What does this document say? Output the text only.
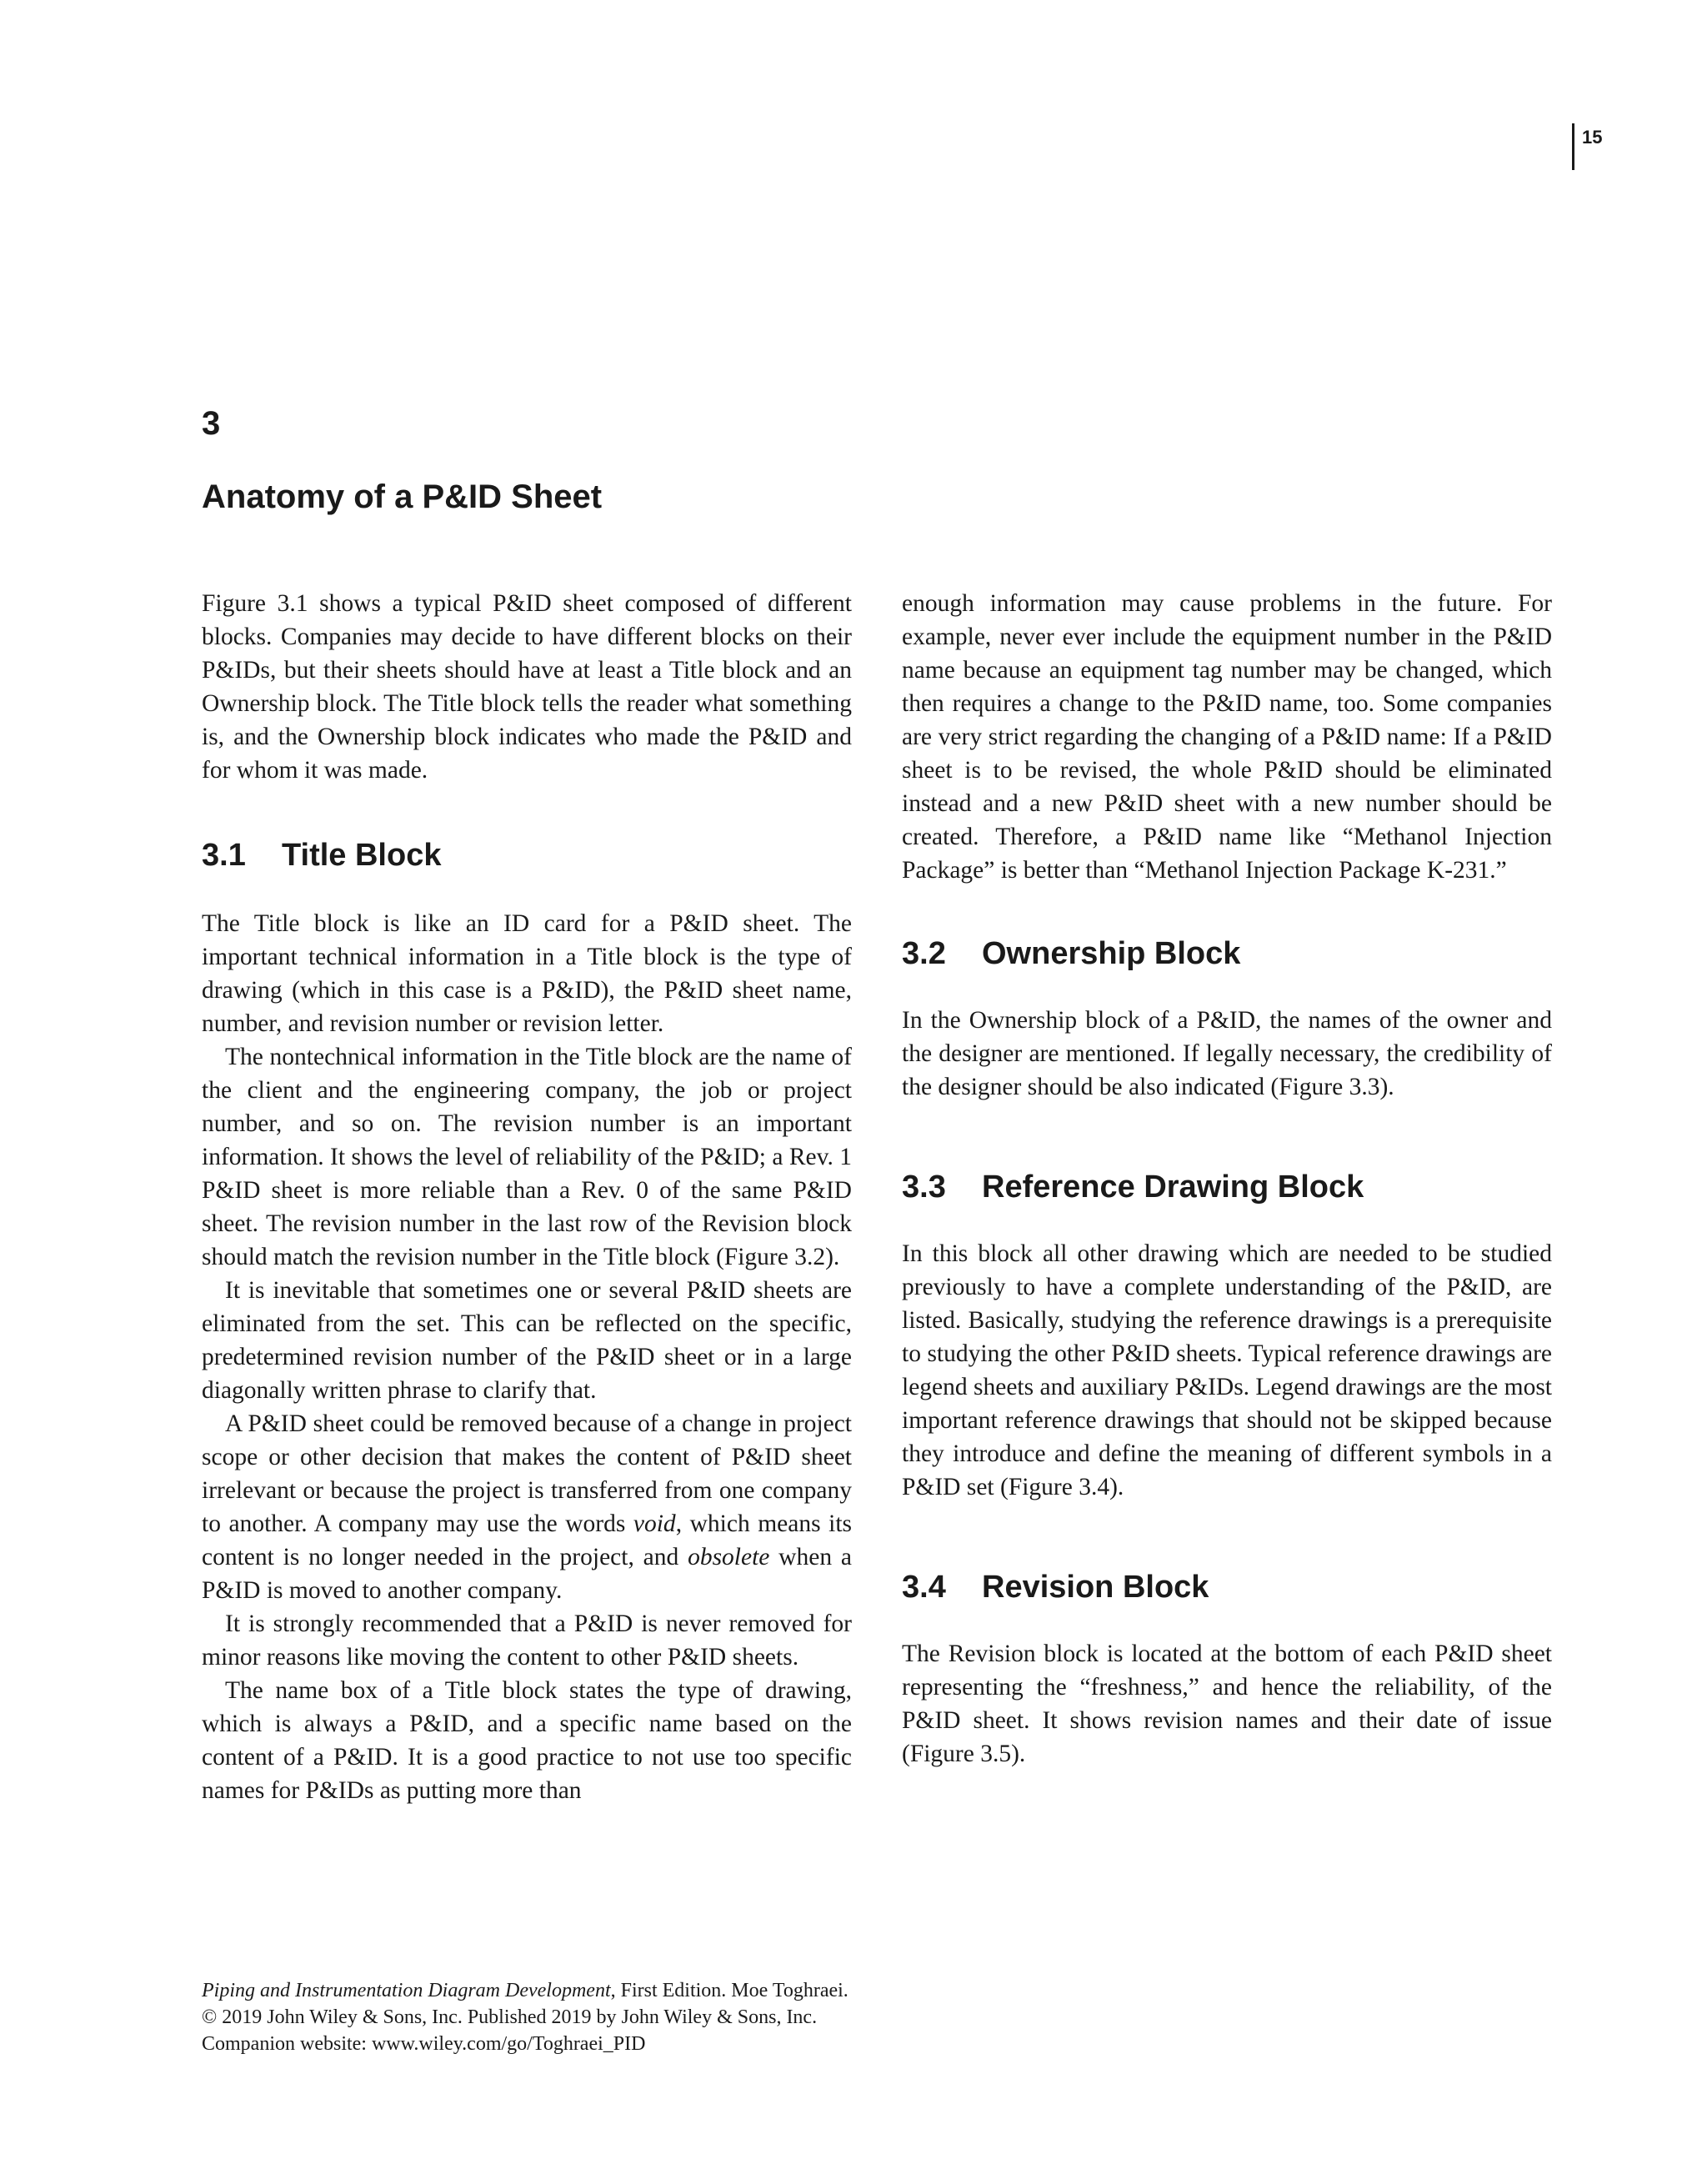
15
3
Anatomy of a P&ID Sheet

Figure 3.1 shows a typical P&ID sheet composed of different blocks. Companies may decide to have different blocks on their P&IDs, but their sheets should have at least a Title block and an Ownership block. The Title block tells the reader what something is, and the Ownership block indicates who made the P&ID and for whom it was made.

3.1 Title Block

The Title block is like an ID card for a P&ID sheet. The important technical information in a Title block is the type of drawing (which in this case is a P&ID), the P&ID sheet name, number, and revision number or revision letter.

The nontechnical information in the Title block are the name of the client and the engineering company, the job or project number, and so on. The revision number is an important information. It shows the level of reliability of the P&ID; a Rev. 1 P&ID sheet is more reliable than a Rev. 0 of the same P&ID sheet. The revision number in the last row of the Revision block should match the revision number in the Title block (Figure 3.2).

It is inevitable that sometimes one or several P&ID sheets are eliminated from the set. This can be reflected on the specific, predetermined revision number of the P&ID sheet or in a large diagonally written phrase to clarify that.

A P&ID sheet could be removed because of a change in project scope or other decision that makes the content of P&ID sheet irrelevant or because the project is transferred from one company to another. A company may use the words void, which means its content is no longer needed in the project, and obsolete when a P&ID is moved to another company.

It is strongly recommended that a P&ID is never removed for minor reasons like moving the content to other P&ID sheets.

The name box of a Title block states the type of drawing, which is always a P&ID, and a specific name based on the content of a P&ID. It is a good practice to not use too specific names for P&IDs as putting more than

enough information may cause problems in the future. For example, never ever include the equipment number in the P&ID name because an equipment tag number may be changed, which then requires a change to the P&ID name, too. Some companies are very strict regarding the changing of a P&ID name: If a P&ID sheet is to be revised, the whole P&ID should be eliminated instead and a new P&ID sheet with a new number should be created. Therefore, a P&ID name like “Methanol Injection Package” is better than “Methanol Injection Package K-231.”

3.2 Ownership Block

In the Ownership block of a P&ID, the names of the owner and the designer are mentioned. If legally necessary, the credibility of the designer should be also indicated (Figure 3.3).

3.3 Reference Drawing Block

In this block all other drawing which are needed to be studied previously to have a complete understanding of the P&ID, are listed. Basically, studying the reference drawings is a prerequisite to studying the other P&ID sheets. Typical reference drawings are legend sheets and auxiliary P&IDs. Legend drawings are the most important reference drawings that should not be skipped because they introduce and define the meaning of different symbols in a P&ID set (Figure 3.4).

3.4 Revision Block

The Revision block is located at the bottom of each P&ID sheet representing the “freshness,” and hence the reliability, of the P&ID sheet. It shows revision names and their date of issue (Figure 3.5).

Piping and Instrumentation Diagram Development, First Edition. Moe Toghraei.
© 2019 John Wiley & Sons, Inc. Published 2019 by John Wiley & Sons, Inc.
Companion website: www.wiley.com/go/Toghraei_PID
